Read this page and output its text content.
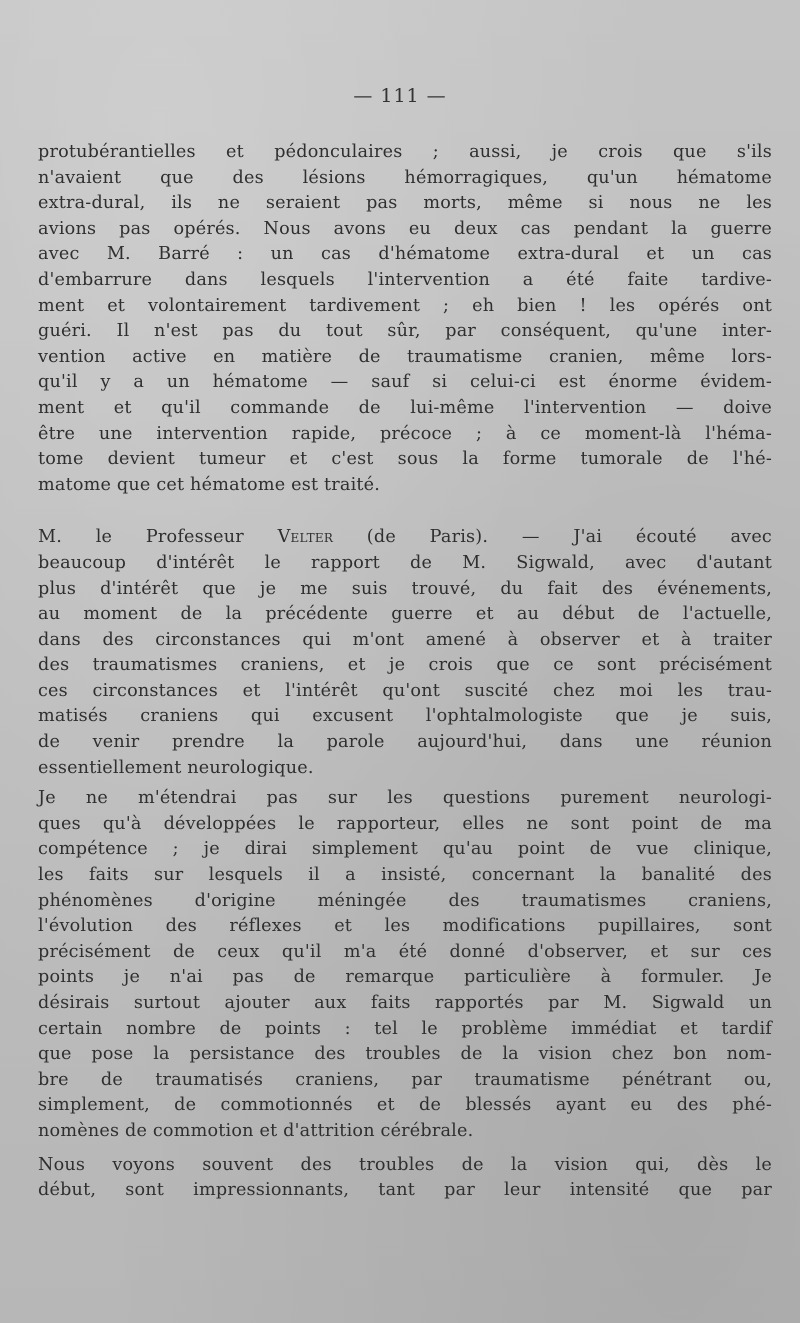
— 111 —
protubérantielles et pédonculaires ; aussi, je crois que s'ils
n'avaient que des lésions hémorragiques, qu'un hématome
extra-dural, ils ne seraient pas morts, même si nous ne les
avions pas opérés. Nous avons eu deux cas pendant la guerre
avec M. Barré : un cas d'hématome extra-dural et un cas
d'embarrure dans lesquels l'intervention a été faite tardive-
ment et volontairement tardivement ; eh bien ! les opérés ont
guéri. Il n'est pas du tout sûr, par conséquent, qu'une inter-
vention active en matière de traumatisme cranien, même lors-
qu'il y a un hématome — sauf si celui-ci est énorme évidem-
ment et qu'il commande de lui-même l'intervention — doive
être une intervention rapide, précoce ; à ce moment-là l'héma-
tome devient tumeur et c'est sous la forme tumorale de l'hé-
matome que cet hématome est traité.
M. le Professeur Velter (de Paris). — J'ai écouté avec
beaucoup d'intérêt le rapport de M. Sigwald, avec d'autant
plus d'intérêt que je me suis trouvé, du fait des événements,
au moment de la précédente guerre et au début de l'actuelle,
dans des circonstances qui m'ont amené à observer et à traiter
des traumatismes craniens, et je crois que ce sont précisément
ces circonstances et l'intérêt qu'ont suscité chez moi les trau-
matisés craniens qui excusent l'ophtalmologiste que je suis,
de venir prendre la parole aujourd'hui, dans une réunion
essentiellement neurologique.
Je ne m'étendrai pas sur les questions purement neurologi-
ques qu'à développées le rapporteur, elles ne sont point de ma
compétence ; je dirai simplement qu'au point de vue clinique,
les faits sur lesquels il a insisté, concernant la banalité des
phénomènes d'origine méningée des traumatismes craniens,
l'évolution des réflexes et les modifications pupillaires, sont
précisément de ceux qu'il m'a été donné d'observer, et sur ces
points je n'ai pas de remarque particulière à formuler. Je
désirais surtout ajouter aux faits rapportés par M. Sigwald un
certain nombre de points : tel le problème immédiat et tardif
que pose la persistance des troubles de la vision chez bon nom-
bre de traumatisés craniens, par traumatisme pénétrant ou,
simplement, de commotionnés et de blessés ayant eu des phé-
nomènes de commotion et d'attrition cérébrale.
Nous voyons souvent des troubles de la vision qui, dès le
début, sont impressionnants, tant par leur intensité que par
